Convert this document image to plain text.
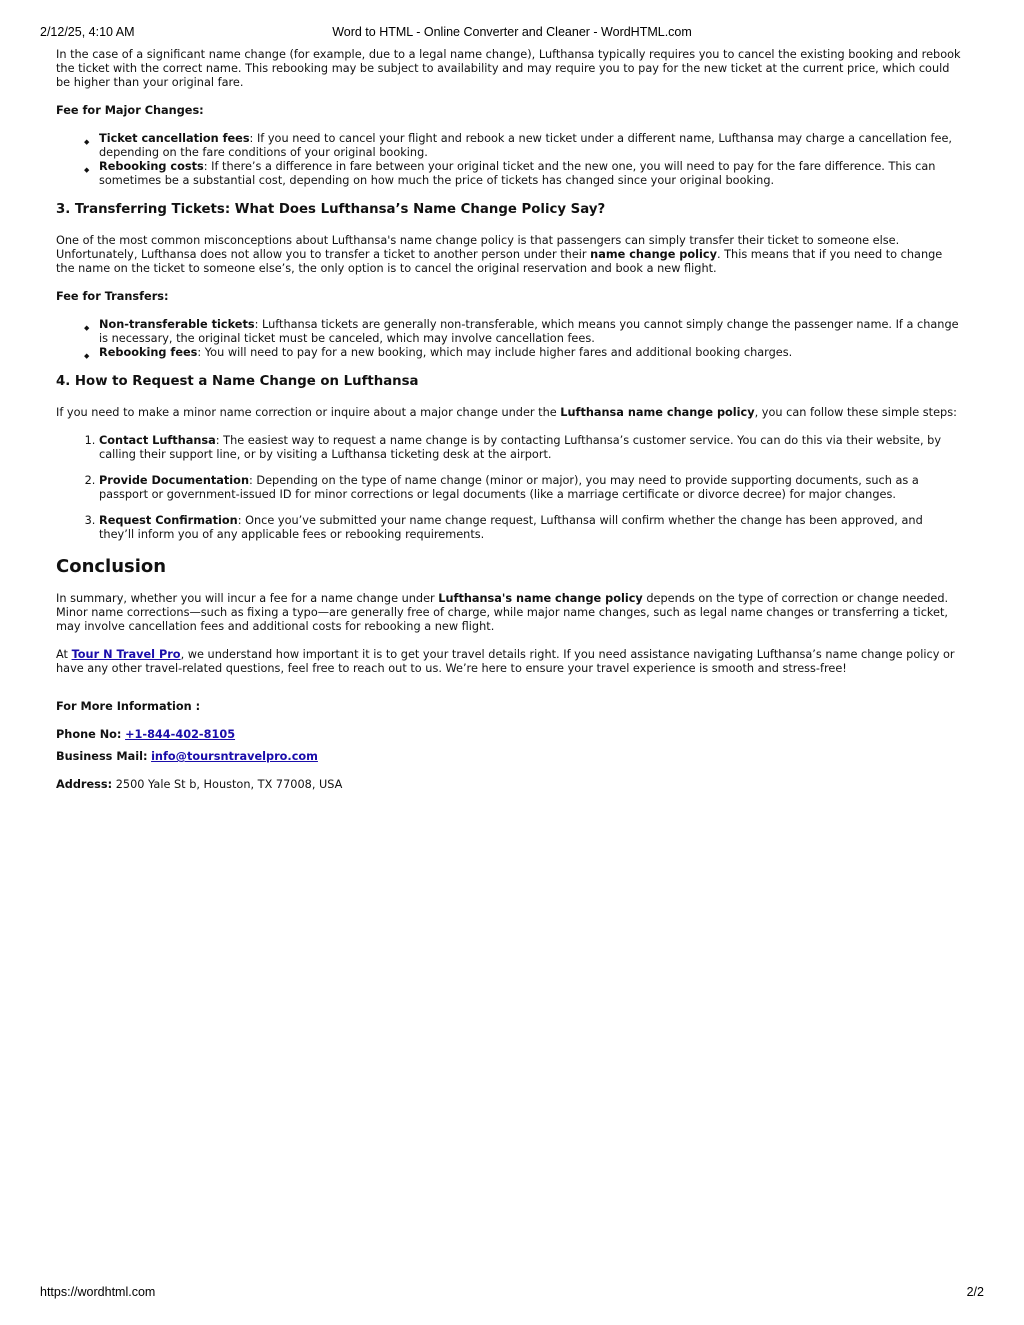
2/12/25, 4:10 AM	Word to HTML - Online Converter and Cleaner - WordHTML.com

In the case of a significant name change (for example, due to a legal name change), Lufthansa typically requires you to cancel the existing booking and rebook the ticket with the correct name. This rebooking may be subject to availability and may require you to pay for the new ticket at the current price, which could be higher than your original fare.

Fee for Major Changes:
◆ Ticket cancellation fees: If you need to cancel your flight and rebook a new ticket under a different name, Lufthansa may charge a cancellation fee, depending on the fare conditions of your original booking.
◆ Rebooking costs: If there’s a difference in fare between your original ticket and the new one, you will need to pay for the fare difference. This can sometimes be a substantial cost, depending on how much the price of tickets has changed since your original booking.
3. Transferring Tickets: What Does Lufthansa’s Name Change Policy Say?

One of the most common misconceptions about Lufthansa's name change policy is that passengers can simply transfer their ticket to someone else. Unfortunately, Lufthansa does not allow you to transfer a ticket to another person under their name change policy. This means that if you need to change the name on the ticket to someone else’s, the only option is to cancel the original reservation and book a new flight.

Fee for Transfers:
◆ Non-transferable tickets: Lufthansa tickets are generally non-transferable, which means you cannot simply change the passenger name. If a change is necessary, the original ticket must be canceled, which may involve cancellation fees.
◆ Rebooking fees: You will need to pay for a new booking, which may include higher fares and additional booking charges.
4. How to Request a Name Change on Lufthansa

If you need to make a minor name correction or inquire about a major change under the Lufthansa name change policy, you can follow these simple steps:

1. Contact Lufthansa: The easiest way to request a name change is by contacting Lufthansa’s customer service. You can do this via their website, by calling their support line, or by visiting a Lufthansa ticketing desk at the airport.
2. Provide Documentation: Depending on the type of name change (minor or major), you may need to provide supporting documents, such as a passport or government-issued ID for minor corrections or legal documents (like a marriage certificate or divorce decree) for major changes.
3. Request Confirmation: Once you’ve submitted your name change request, Lufthansa will confirm whether the change has been approved, and they’ll inform you of any applicable fees or rebooking requirements.
Conclusion

In summary, whether you will incur a fee for a name change under Lufthansa's name change policy depends on the type of correction or change needed. Minor name corrections—such as fixing a typo—are generally free of charge, while major name changes, such as legal name changes or transferring a ticket, may involve cancellation fees and additional costs for rebooking a new flight.

At Tour N Travel Pro, we understand how important it is to get your travel details right. If you need assistance navigating Lufthansa’s name change policy or have any other travel-related questions, feel free to reach out to us. We’re here to ensure your travel experience is smooth and stress-free!

For More Information :

Phone No: +1-844-402-8105

Business Mail: info@toursntravelpro.com

Address: 2500 Yale St b, Houston, TX 77008, USA

https://wordhtml.com	2/2
